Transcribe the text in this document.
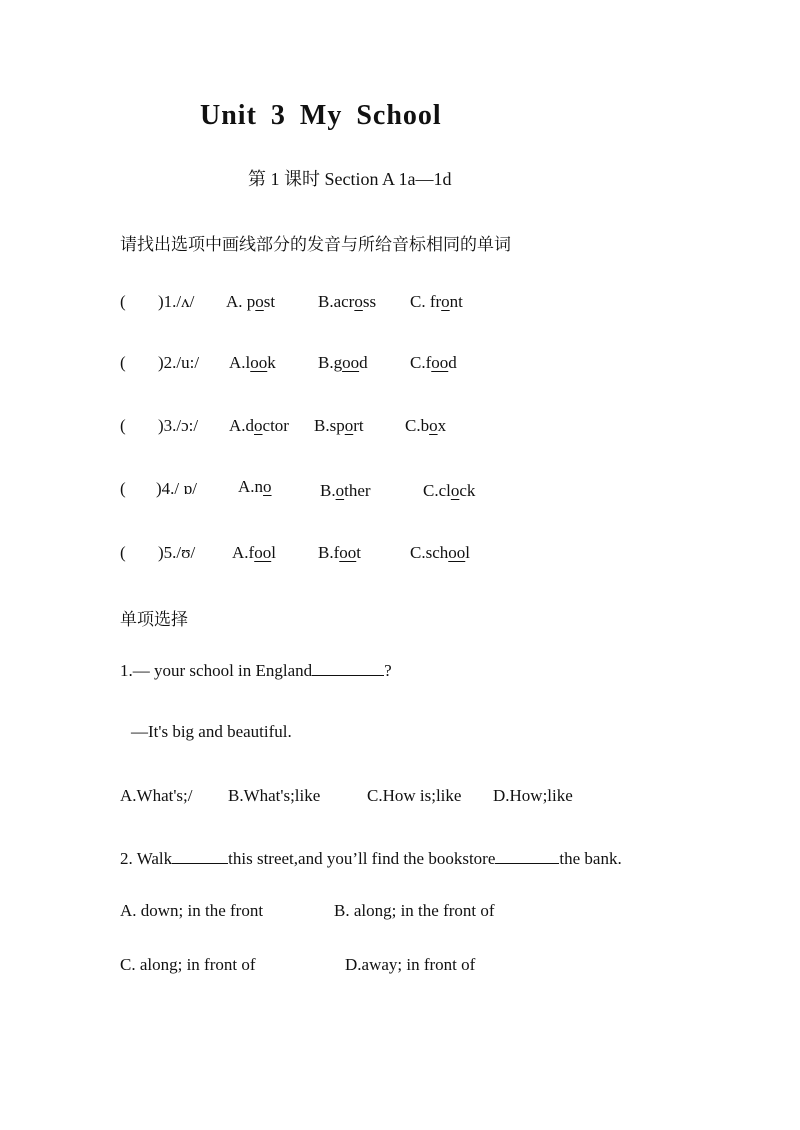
Unit 3 My School
第 1 课时 Section A 1a—1d
请找出选项中画线部分的发音与所给音标相同的单词
( )1./ʌ/ A. post	B.across C. front
( )2./u:/ A.look B.good C.food
( )3./ɔ:/ A.doctor B.sport C.box
( )4./ ɒ/ A.no	B.other	C.clock
( )5./ʊ/ A.fool B.foot	C.school
单项选择
1.— your school in England	?
—It's big and beautiful.
A.What's;/ B.What's;like	C.How is;like D.How;like
2. Walk	this street,and you’ll find the bookstore	the bank.
A. down; in the front	B. along; in the front of
C. along; in front of	D.away; in front of
